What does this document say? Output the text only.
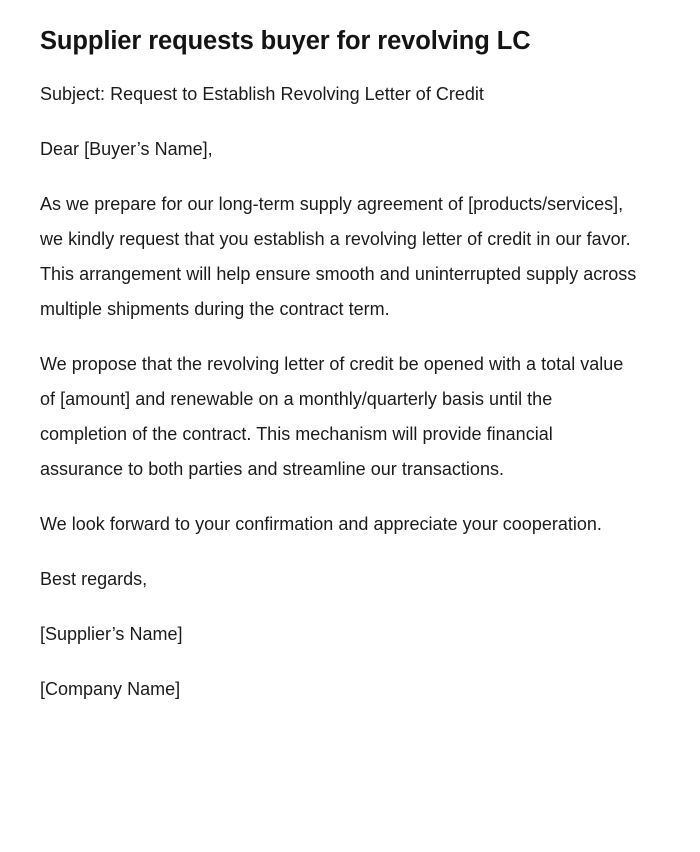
Supplier requests buyer for revolving LC

Subject: Request to Establish Revolving Letter of Credit

Dear [Buyer’s Name],

As we prepare for our long-term supply agreement of [products/services], we kindly request that you establish a revolving letter of credit in our favor. This arrangement will help ensure smooth and uninterrupted supply across multiple shipments during the contract term.

We propose that the revolving letter of credit be opened with a total value of [amount] and renewable on a monthly/quarterly basis until the completion of the contract. This mechanism will provide financial assurance to both parties and streamline our transactions.

We look forward to your confirmation and appreciate your cooperation.

Best regards,

[Supplier’s Name]

[Company Name]
